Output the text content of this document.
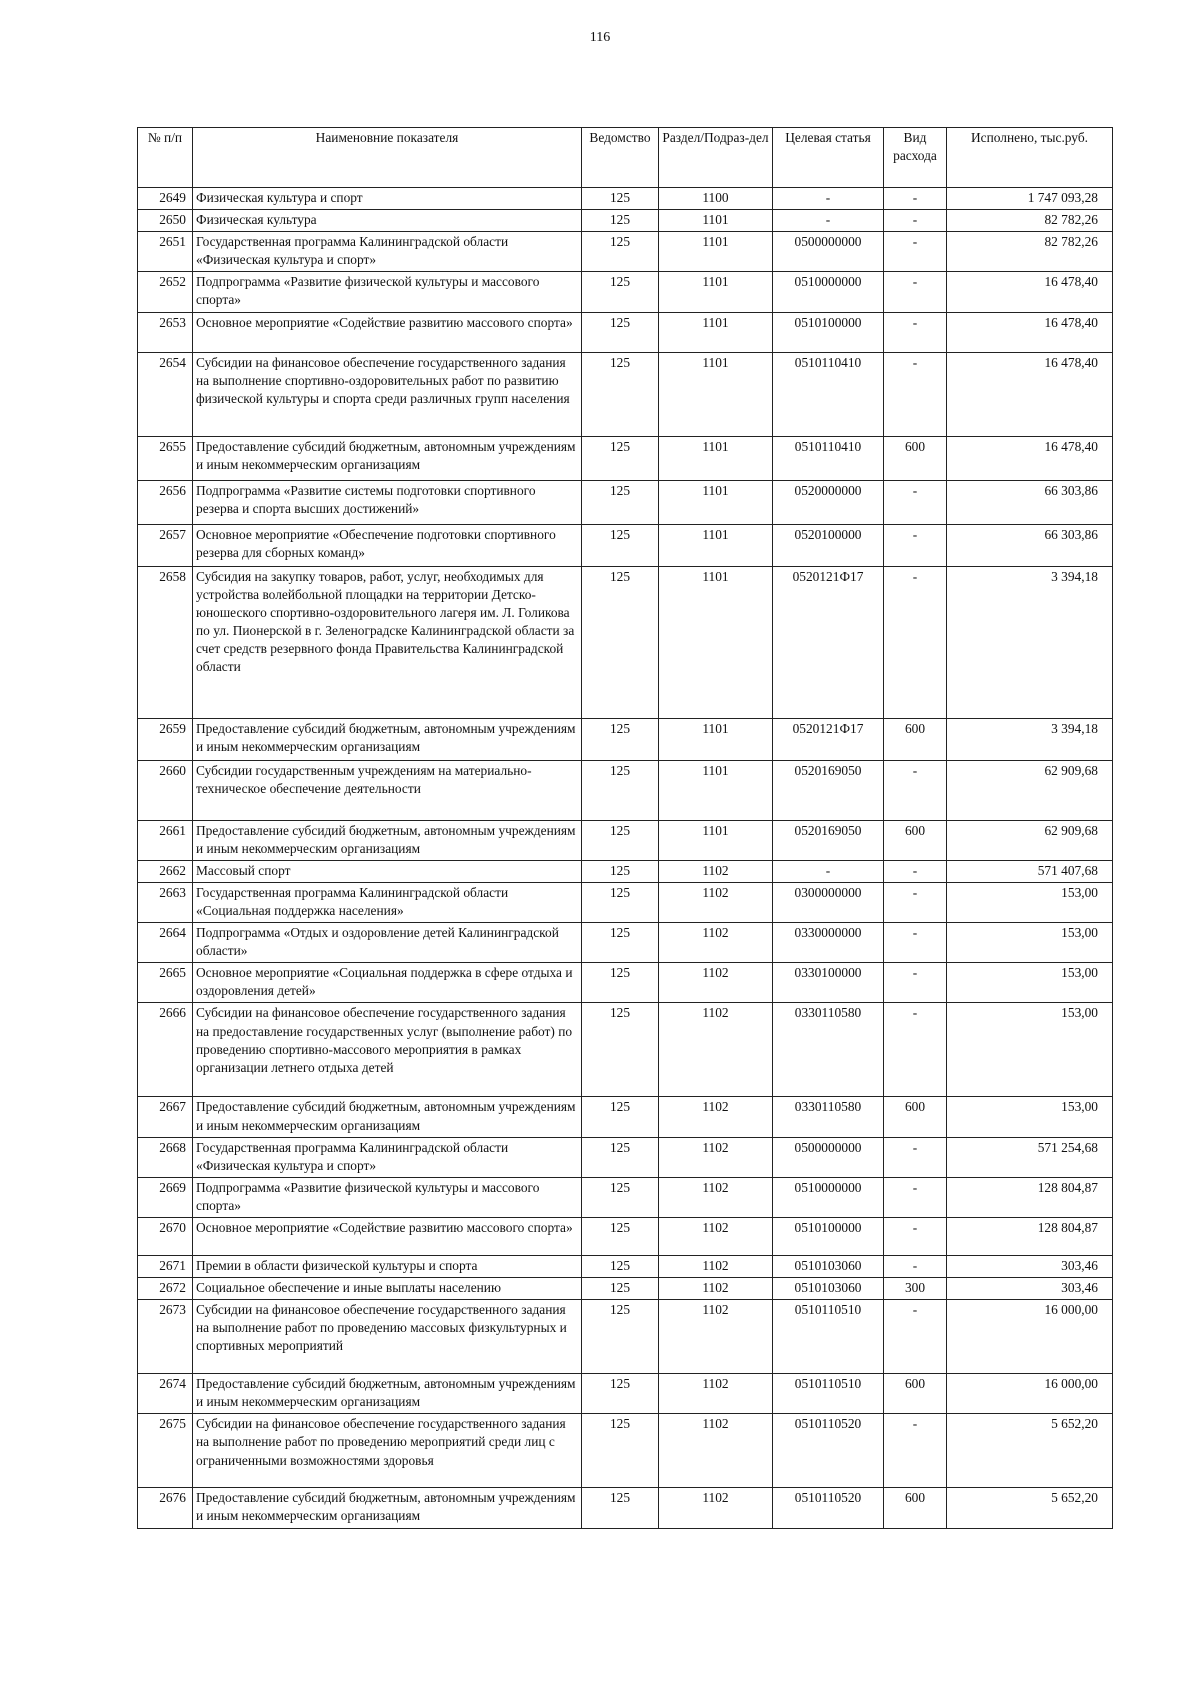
116
№ п/п	Наименовние показателя	Ведомство	Раздел/Подраз-дел	Целевая статья	Вид расхода	Исполнено, тыс.руб.
2649	Физическая культура и спорт	125	1100	-	-	1 747 093,28
2650	Физическая культура	125	1101	-	-	82 782,26
2651	Государственная программа Калининградской области «Физическая культура и спорт»	125	1101	0500000000	-	82 782,26
2652	Подпрограмма «Развитие физической культуры и массового спорта»	125	1101	0510000000	-	16 478,40
2653	Основное мероприятие «Содействие развитию массового спорта»	125	1101	0510100000	-	16 478,40
2654	Субсидии на финансовое обеспечение государственного задания на выполнение спортивно-оздоровительных работ по развитию физической культуры и спорта среди различных групп населения	125	1101	0510110410	-	16 478,40
2655	Предоставление субсидий бюджетным, автономным учреждениям и иным некоммерческим организациям	125	1101	0510110410	600	16 478,40
2656	Подпрограмма «Развитие системы подготовки спортивного резерва и спорта высших достижений»	125	1101	0520000000	-	66 303,86
2657	Основное мероприятие «Обеспечение подготовки спортивного резерва для сборных команд»	125	1101	0520100000	-	66 303,86
2658	Субсидия на закупку товаров, работ, услуг, необходимых для устройства волейбольной площадки на территории Детско-юношеского спортивно-оздоровительного лагеря им. Л. Голикова по ул. Пионерской в г. Зеленоградске Калининградской области за счет средств резервного фонда Правительства Калининградской области	125	1101	0520121Ф17	-	3 394,18
2659	Предоставление субсидий бюджетным, автономным учреждениям и иным некоммерческим организациям	125	1101	0520121Ф17	600	3 394,18
2660	Субсидии государственным учреждениям на материально-техническое обеспечение деятельности	125	1101	0520169050	-	62 909,68
2661	Предоставление субсидий бюджетным, автономным учреждениям и иным некоммерческим организациям	125	1101	0520169050	600	62 909,68
2662	Массовый спорт	125	1102	-	-	571 407,68
2663	Государственная программа Калининградской области «Социальная поддержка населения»	125	1102	0300000000	-	153,00
2664	Подпрограмма «Отдых и оздоровление детей Калининградской области»	125	1102	0330000000	-	153,00
2665	Основное мероприятие «Социальная поддержка в сфере отдыха и оздоровления детей»	125	1102	0330100000	-	153,00
2666	Субсидии на финансовое обеспечение государственного задания на предоставление государственных услуг (выполнение работ) по проведению спортивно-массового мероприятия в рамках организации летнего отдыха детей	125	1102	0330110580	-	153,00
2667	Предоставление субсидий бюджетным, автономным учреждениям и иным некоммерческим организациям	125	1102	0330110580	600	153,00
2668	Государственная программа Калининградской области «Физическая культура и спорт»	125	1102	0500000000	-	571 254,68
2669	Подпрограмма «Развитие физической культуры и массового спорта»	125	1102	0510000000	-	128 804,87
2670	Основное мероприятие «Содействие развитию массового спорта»	125	1102	0510100000	-	128 804,87
2671	Премии в области физической культуры и спорта	125	1102	0510103060	-	303,46
2672	Социальное обеспечение и иные выплаты населению	125	1102	0510103060	300	303,46
2673	Субсидии на финансовое обеспечение государственного задания на выполнение работ по проведению массовых физкультурных и спортивных мероприятий	125	1102	0510110510	-	16 000,00
2674	Предоставление субсидий бюджетным, автономным учреждениям и иным некоммерческим организациям	125	1102	0510110510	600	16 000,00
2675	Субсидии на финансовое обеспечение государственного задания на выполнение работ по проведению мероприятий среди лиц с ограниченными возможностями здоровья	125	1102	0510110520	-	5 652,20
2676	Предоставление субсидий бюджетным, автономным учреждениям и иным некоммерческим организациям	125	1102	0510110520	600	5 652,20
